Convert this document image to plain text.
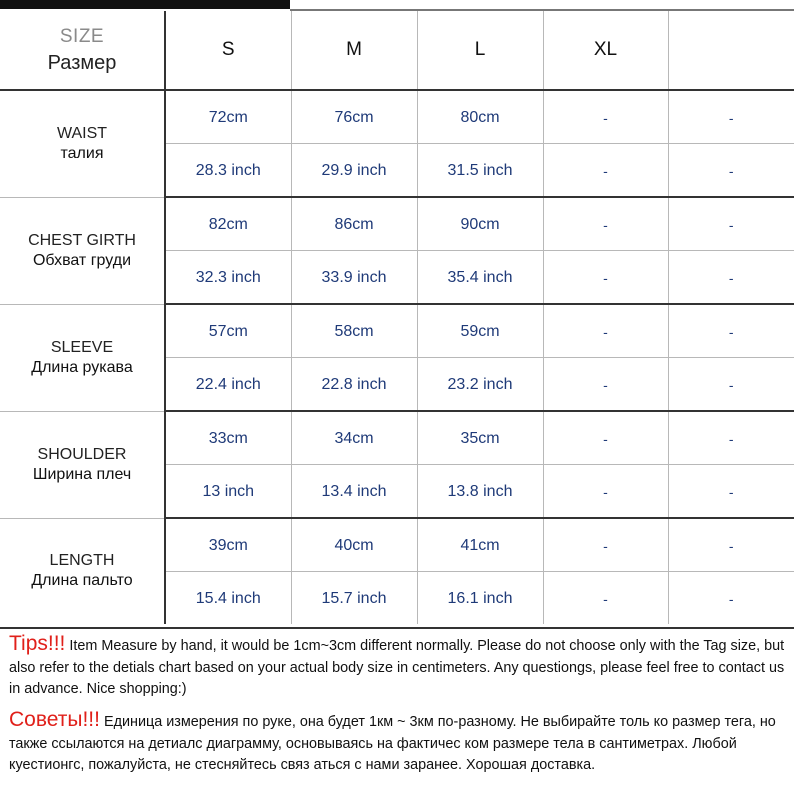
SIZE
Размер	S	M	L	XL	

WAIST
талия	72cm	76cm	80cm	-	-
	28.3 inch	29.9 inch	31.5 inch	-	-

CHEST GIRTH
Обхват груди	82cm	86cm	90cm	-	-
	32.3 inch	33.9 inch	35.4 inch	-	-

SLEEVE
Длина рукава	57cm	58cm	59cm	-	-
	22.4 inch	22.8 inch	23.2 inch	-	-

SHOULDER
Ширина плеч	33cm	34cm	35cm	-	-
	13 inch	13.4 inch	13.8 inch	-	-

LENGTH
Длина пальто	39cm	40cm	41cm	-	-
	15.4 inch	15.7 inch	16.1 inch	-	-
Tips!!! Item Measure by hand, it would be 1cm~3cm different normally. Please do not choose only with the Tag size, but also refer to the detials chart based on your actual body size in centimeters. Any questiongs, please feel free to contact us in advance. Nice shopping:)
Советы!!! Единица измерения по руке, она будет 1км ~ 3км по-разному. Не выбирайте толь ко размер тега, но также ссылаются на детиалс диаграмму, основываясь на фактичес ком размере тела в сантиметрах. Любой куестионгс, пожалуйста, не стесняйтесь связ аться с нами заранее. Хорошая доставка.
